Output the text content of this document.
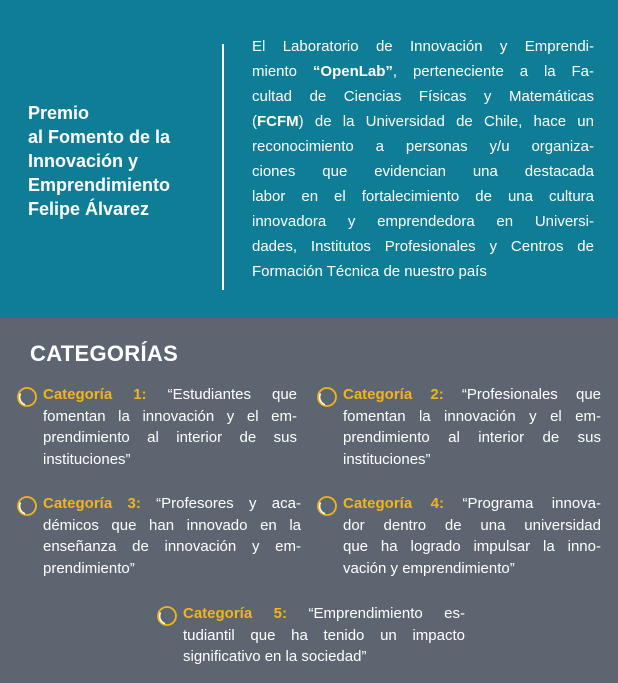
Premio
al Fomento de la
Innovación y
Emprendimiento
Felipe Álvarez

El Laboratorio de Innovación y Emprendi-
miento “OpenLab”, perteneciente a la Fa-
cultad de Ciencias Físicas y Matemáticas
(FCFM) de la Universidad de Chile, hace un
reconocimiento a personas y/u organiza-
ciones que evidencian una destacada
labor en el fortalecimiento de una cultura
innovadora y emprendedora en Universi-
dades, Institutos Profesionales y Centros de
Formación Técnica de nuestro país

CATEGORÍAS
Categoría 1: “Estudiantes que
fomentan la innovación y el em-
prendimiento al interior de sus
instituciones”
Categoría 2: “Profesionales que
fomentan la innovación y el em-
prendimiento al interior de sus
instituciones”
Categoría 3: “Profesores y aca-
démicos que han innovado en la
enseñanza de innovación y em-
prendimiento”
Categoría 4: “Programa innova-
dor dentro de una universidad
que ha logrado impulsar la inno-
vación y emprendimiento”
Categoría 5: “Emprendimiento es-
tudiantil que ha tenido un impacto
significativo en la sociedad”
